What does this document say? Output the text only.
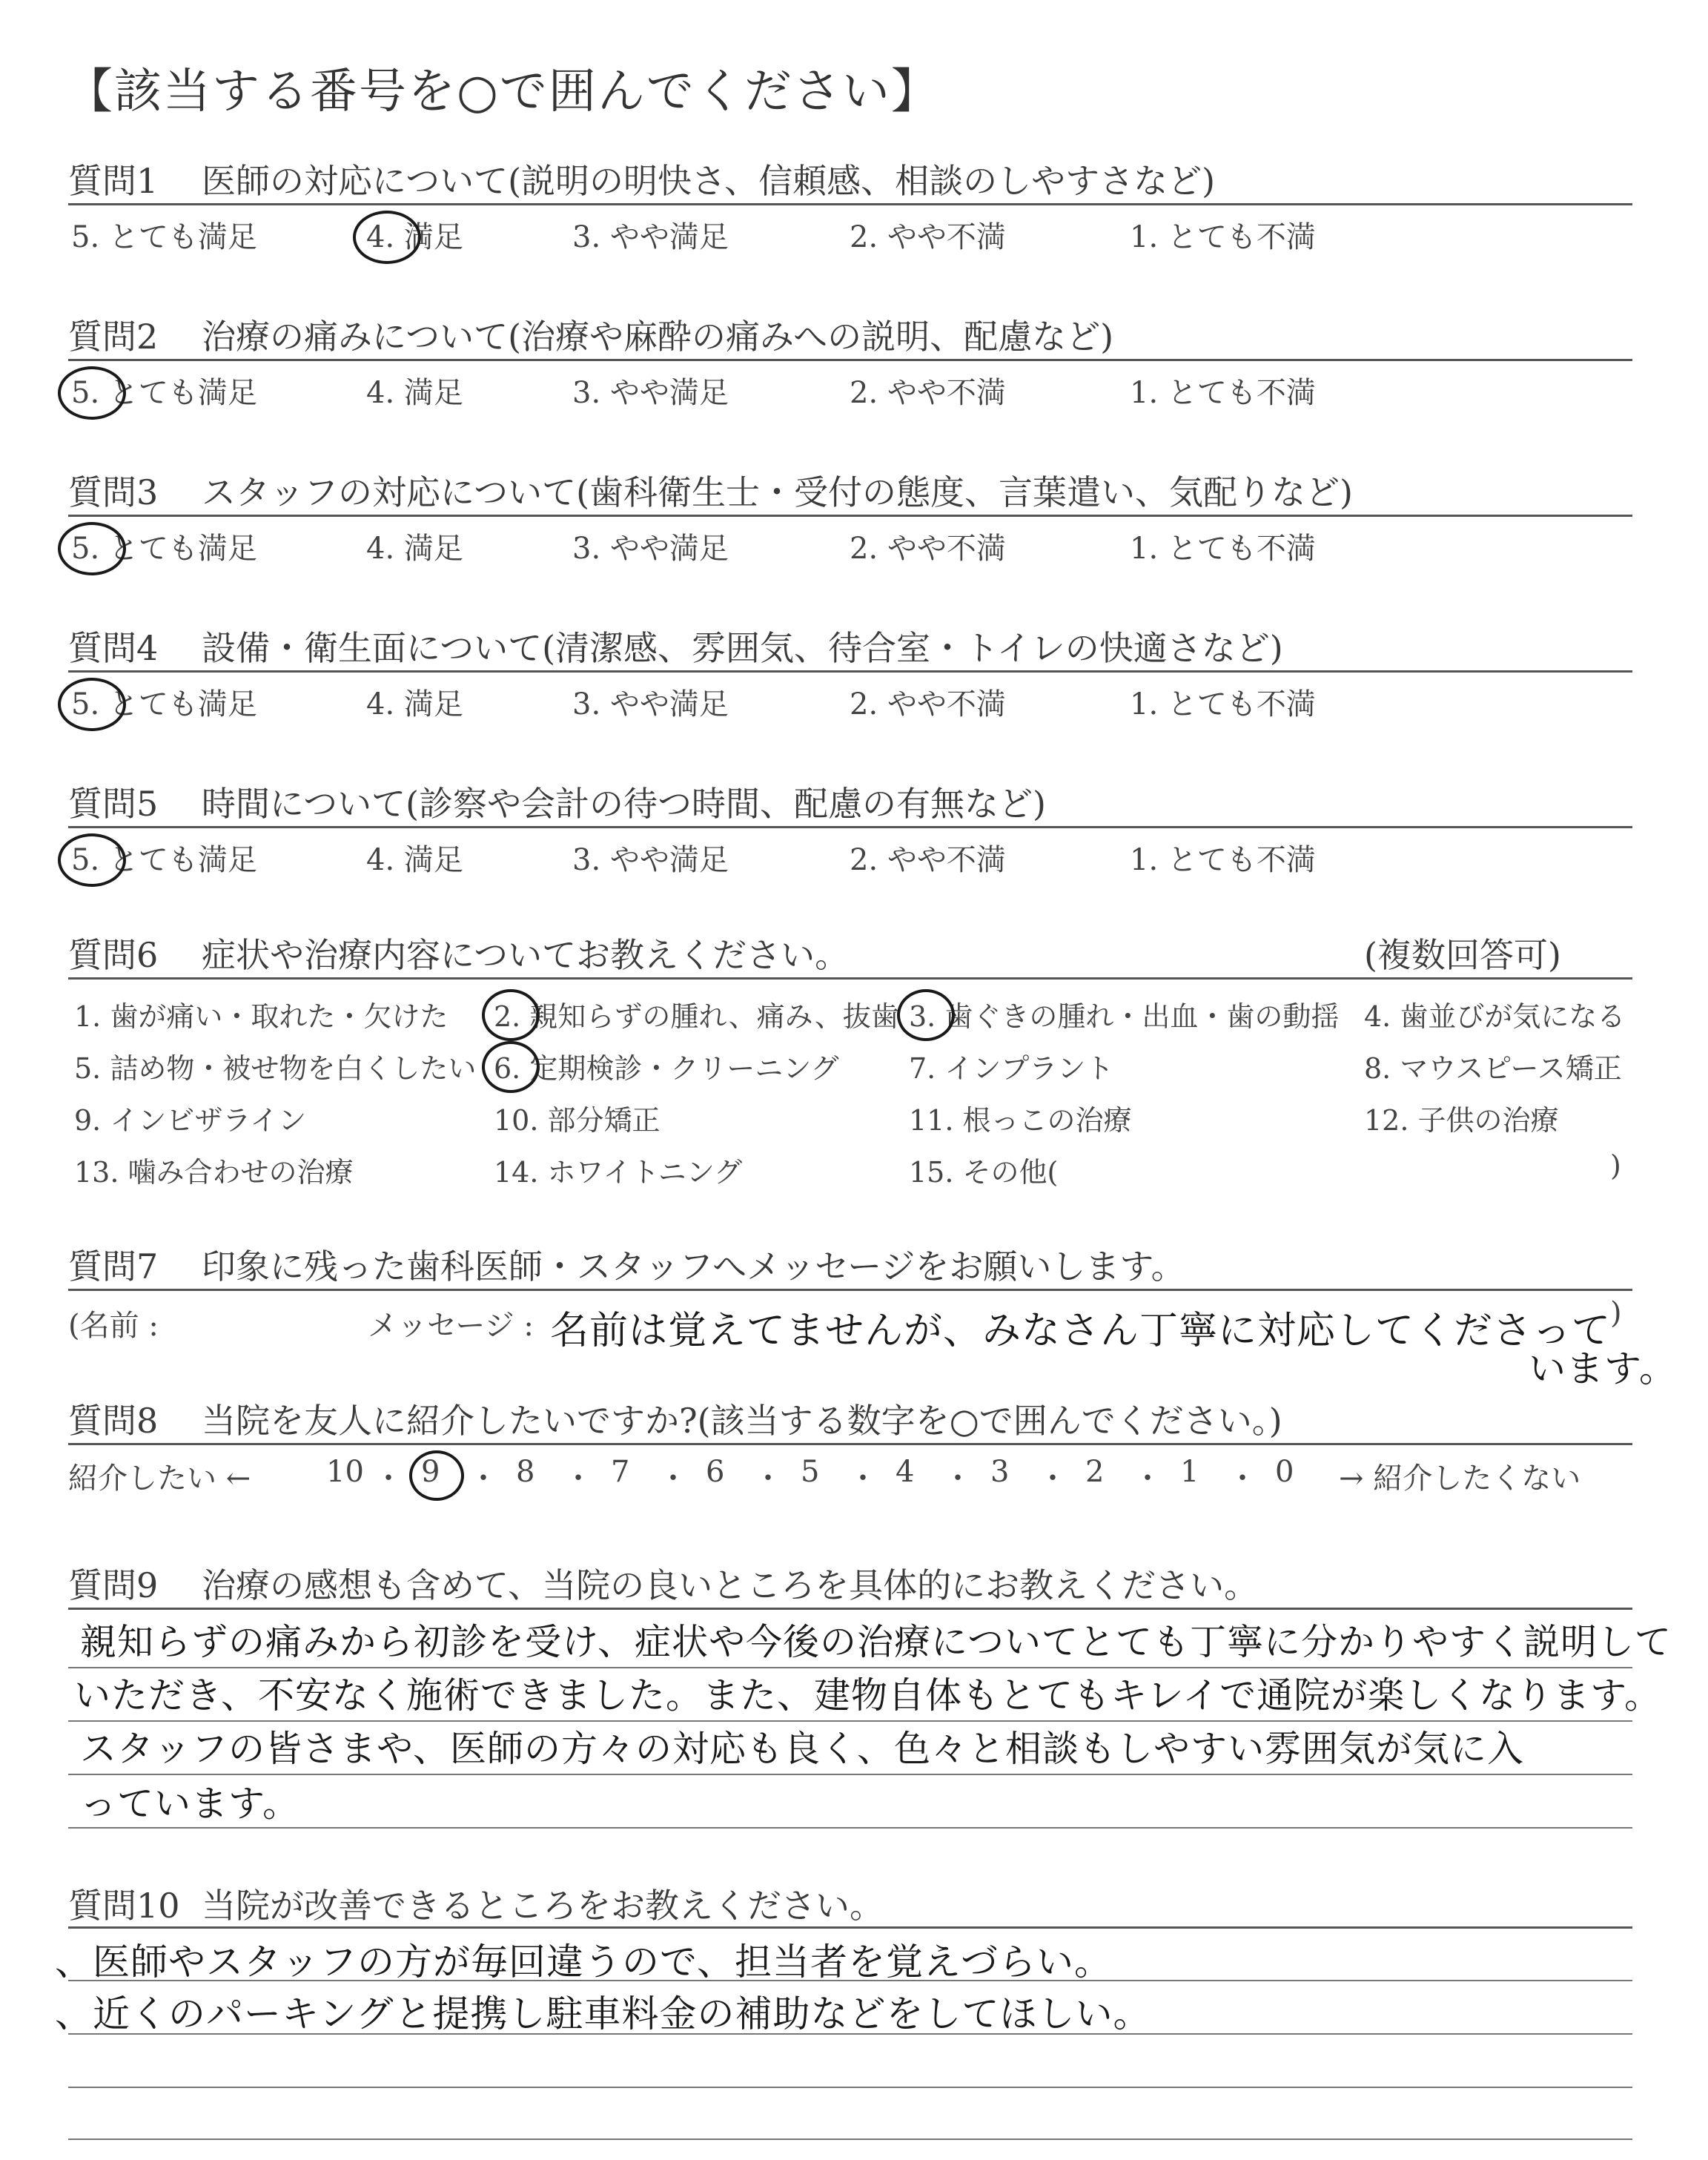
【該当する番号を○で囲んでください】
質問1 医師の対応について(説明の明快さ、信頼感、相談のしやすさなど)
5. とても満足	4. 満足	3. やや満足	2. やや不満	1. とても不満
質問2 治療の痛みについて(治療や麻酔の痛みへの説明、配慮など)
5. とても満足	4. 満足	3. やや満足	2. やや不満	1. とても不満
質問3 スタッフの対応について(歯科衛生士・受付の態度、言葉遣い、気配りなど)
5. とても満足	4. 満足	3. やや満足	2. やや不満	1. とても不満
質問4 設備・衛生面について(清潔感、雰囲気、待合室・トイレの快適さなど)
5. とても満足	4. 満足	3. やや満足	2. やや不満	1. とても不満
質問5 時間について(診察や会計の待つ時間、配慮の有無など)
5. とても満足	4. 満足	3. やや満足	2. やや不満	1. とても不満
質問6 症状や治療内容についてお教えください。	(複数回答可)
1. 歯が痛い・取れた・欠けた 2. 親知らずの腫れ、痛み、抜歯 3. 歯ぐきの腫れ・出血・歯の動揺 4. 歯並びが気になる
5. 詰め物・被せ物を白くしたい 6. 定期検診・クリーニング 7. インプラント	8. マウスピース矯正
9. インビザライン	10. 部分矯正	11. 根っこの治療	12. 子供の治療
13. 噛み合わせの治療	14. ホワイトニング	15. その他(	)
質問7 印象に残った歯科医師・スタッフへメッセージをお願いします。
(名前 :	メッセージ : 名前は覚えてませんが、みなさん丁寧に対応してくださって
)
います。
質問8 当院を友人に紹介したいですか?(該当する数字を○で囲んでください。)
紹介したい ←	→ 紹介したくない
10 ・ 9 ・ 8 ・ 7 ・ 6 ・ 5 ・ 4 ・ 3 ・ 2 ・ 1 ・ 0
質問9 治療の感想も含めて、当院の良いところを具体的にお教えください。
親知らずの痛みから初診を受け、症状や今後の治療についてとても丁寧に分かりやすく説明して
いただき、不安なく施術できました。また、建物自体もとてもキレイで通院が楽しくなります。
スタッフの皆さまや、医師の方々の対応も良く、色々と相談もしやすい雰囲気が気に入
っています。
質問10 当院が改善できるところをお教えください。
、医師やスタッフの方が毎回違うので、担当者を覚えづらい。
、近くのパーキングと提携し駐車料金の補助などをしてほしい。
